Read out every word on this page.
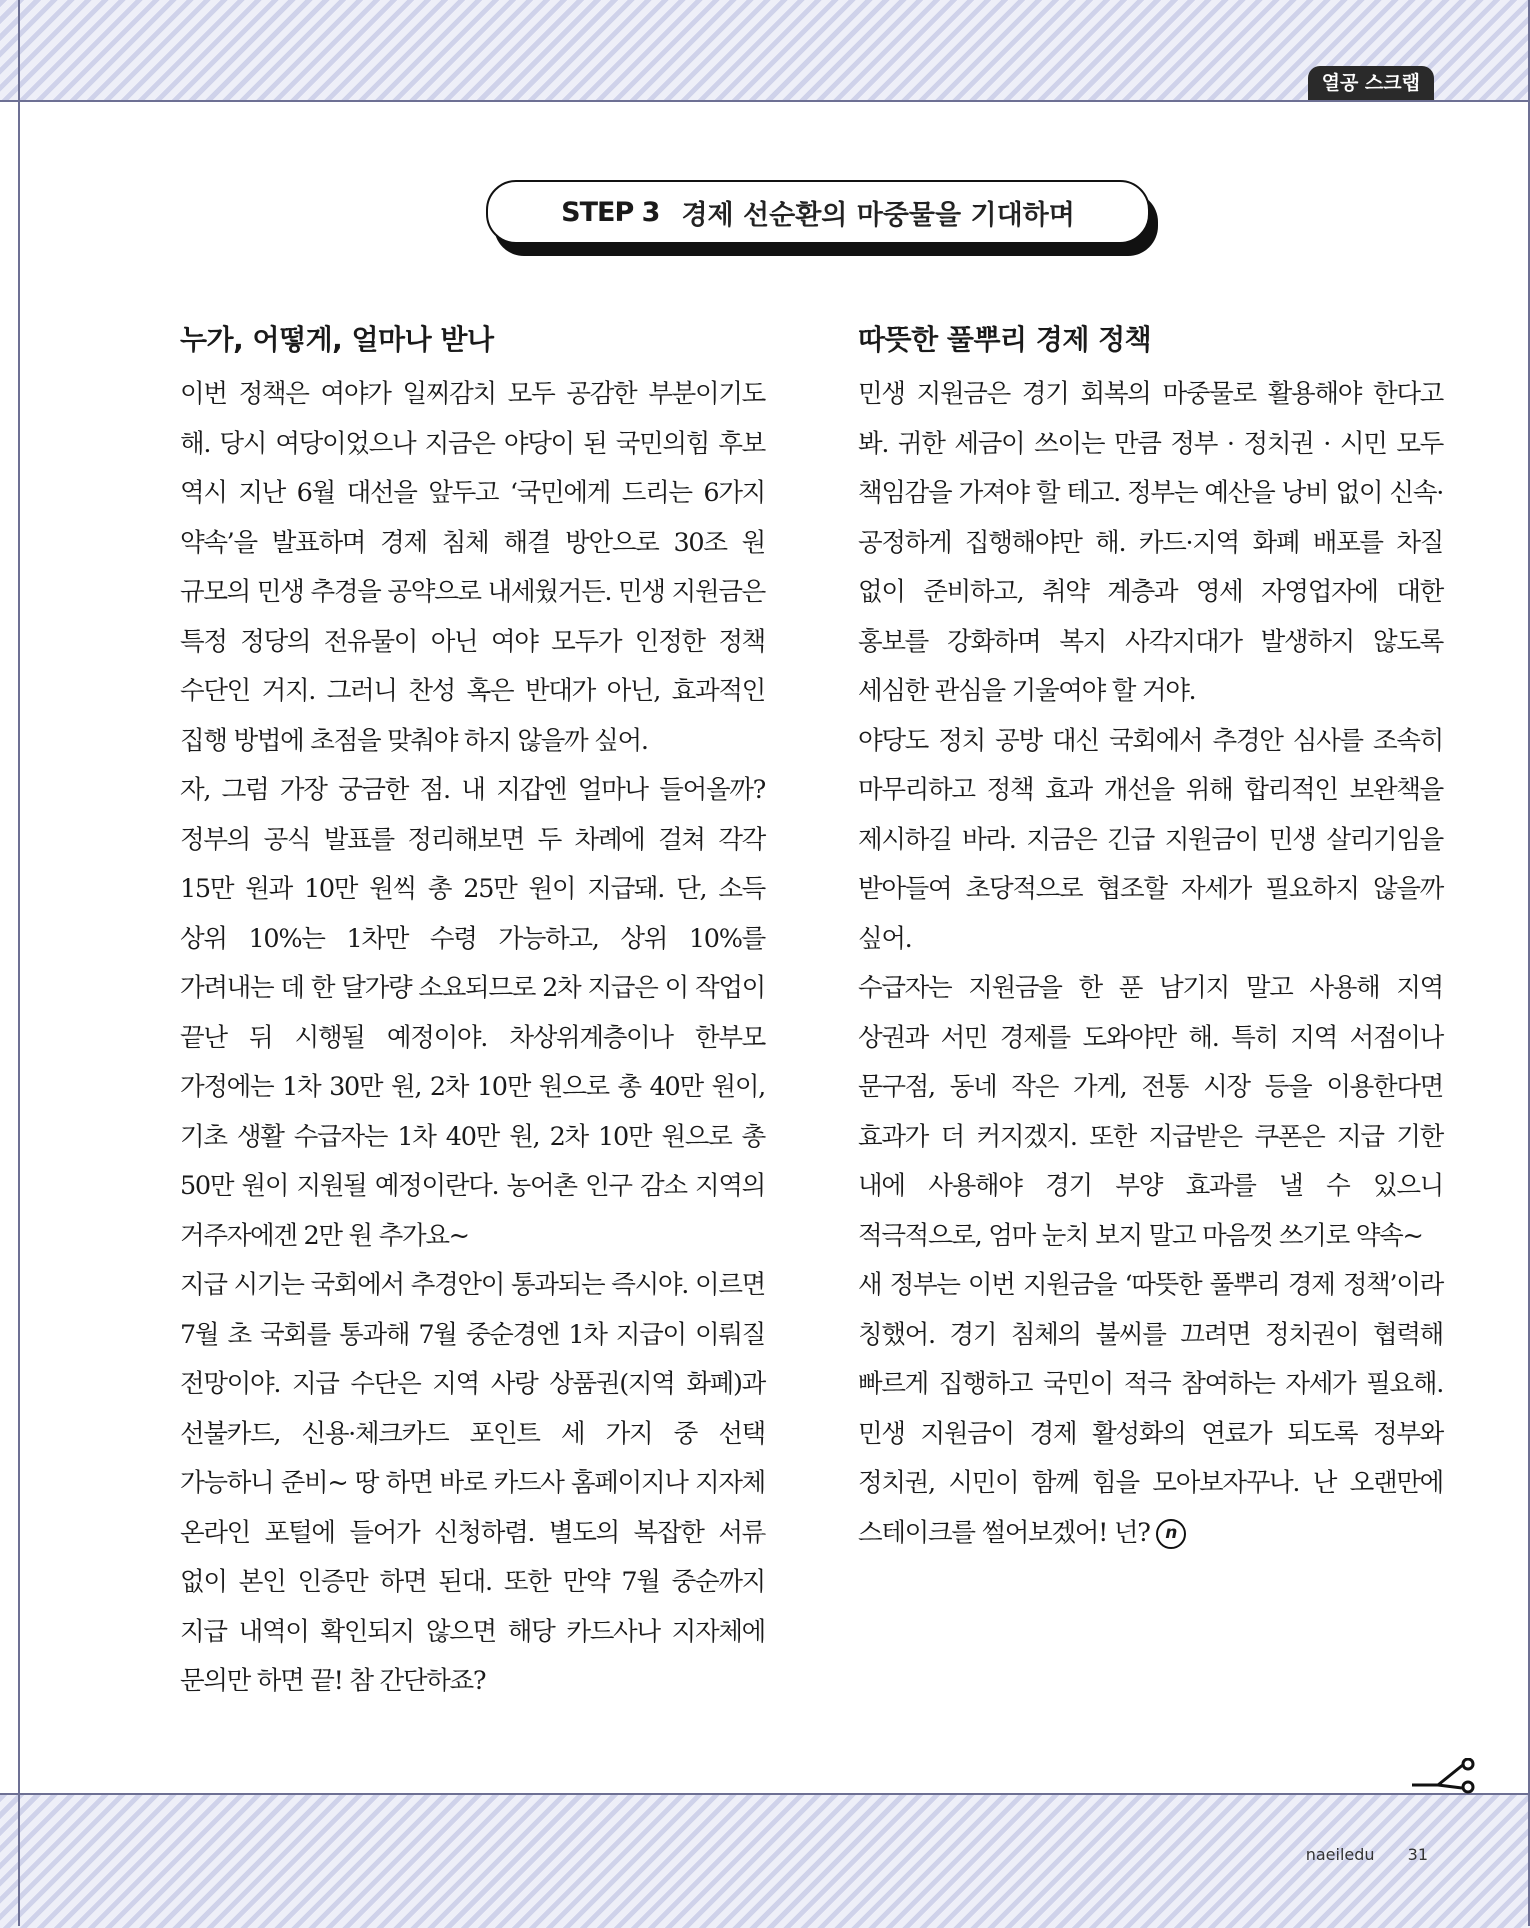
열공 스크랩
STEP 3 경제 선순환의 마중물을 기대하며
누가, 어떻게, 얼마나 받나

이번 정책은 여야가 일찌감치 모두 공감한 부분이기도 해. 당시 여당이었으나 지금은 야당이 된 국민의힘 후보 역시 지난 6월 대선을 앞두고 ‘국민에게 드리는 6가지 약속’을 발표하며 경제 침체 해결 방안으로 30조 원 규모의 민생 추경을 공약으로 내세웠거든. 민생 지원금은 특정 정당의 전유물이 아닌 여야 모두가 인정한 정책 수단인 거지. 그러니 찬성 혹은 반대가 아닌, 효과적인 집행 방법에 초점을 맞춰야 하지 않을까 싶어.

자, 그럼 가장 궁금한 점. 내 지갑엔 얼마나 들어올까? 정부의 공식 발표를 정리해보면 두 차례에 걸쳐 각각 15만 원과 10만 원씩 총 25만 원이 지급돼. 단, 소득 상위 10%는 1차만 수령 가능하고, 상위 10%를 가려내는 데 한 달가량 소요되므로 2차 지급은 이 작업이 끝난 뒤 시행될 예정이야. 차상위계층이나 한부모 가정에는 1차 30만 원, 2차 10만 원으로 총 40만 원이, 기초 생활 수급자는 1차 40만 원, 2차 10만 원으로 총 50만 원이 지원될 예정이란다. 농어촌 인구 감소 지역의 거주자에겐 2만 원 추가요~

지급 시기는 국회에서 추경안이 통과되는 즉시야. 이르면 7월 초 국회를 통과해 7월 중순경엔 1차 지급이 이뤄질 전망이야. 지급 수단은 지역 사랑 상품권(지역 화폐)과 선불카드, 신용·체크카드 포인트 세 가지 중 선택 가능하니 준비~ 땅 하면 바로 카드사 홈페이지나 지자체 온라인 포털에 들어가 신청하렴. 별도의 복잡한 서류 없이 본인 인증만 하면 된대. 또한 만약 7월 중순까지 지급 내역이 확인되지 않으면 해당 카드사나 지자체에 문의만 하면 끝! 참 간단하죠?

따뜻한 풀뿌리 경제 정책

민생 지원금은 경기 회복의 마중물로 활용해야 한다고 봐. 귀한 세금이 쓰이는 만큼 정부 · 정치권 · 시민 모두 책임감을 가져야 할 테고. 정부는 예산을 낭비 없이 신속·공정하게 집행해야만 해. 카드·지역 화폐 배포를 차질 없이 준비하고, 취약 계층과 영세 자영업자에 대한 홍보를 강화하며 복지 사각지대가 발생하지 않도록 세심한 관심을 기울여야 할 거야.

야당도 정치 공방 대신 국회에서 추경안 심사를 조속히 마무리하고 정책 효과 개선을 위해 합리적인 보완책을 제시하길 바라. 지금은 긴급 지원금이 민생 살리기임을 받아들여 초당적으로 협조할 자세가 필요하지 않을까 싶어.

수급자는 지원금을 한 푼 남기지 말고 사용해 지역 상권과 서민 경제를 도와야만 해. 특히 지역 서점이나 문구점, 동네 작은 가게, 전통 시장 등을 이용한다면 효과가 더 커지겠지. 또한 지급받은 쿠폰은 지급 기한 내에 사용해야 경기 부양 효과를 낼 수 있으니 적극적으로, 엄마 눈치 보지 말고 마음껏 쓰기로 약속~

새 정부는 이번 지원금을 ‘따뜻한 풀뿌리 경제 정책’이라 칭했어. 경기 침체의 불씨를 끄려면 정치권이 협력해 빠르게 집행하고 국민이 적극 참여하는 자세가 필요해. 민생 지원금이 경제 활성화의 연료가 되도록 정부와 정치권, 시민이 함께 힘을 모아보자꾸나. 난 오랜만에 스테이크를 썰어보겠어! 넌? n

naeiledu 31
